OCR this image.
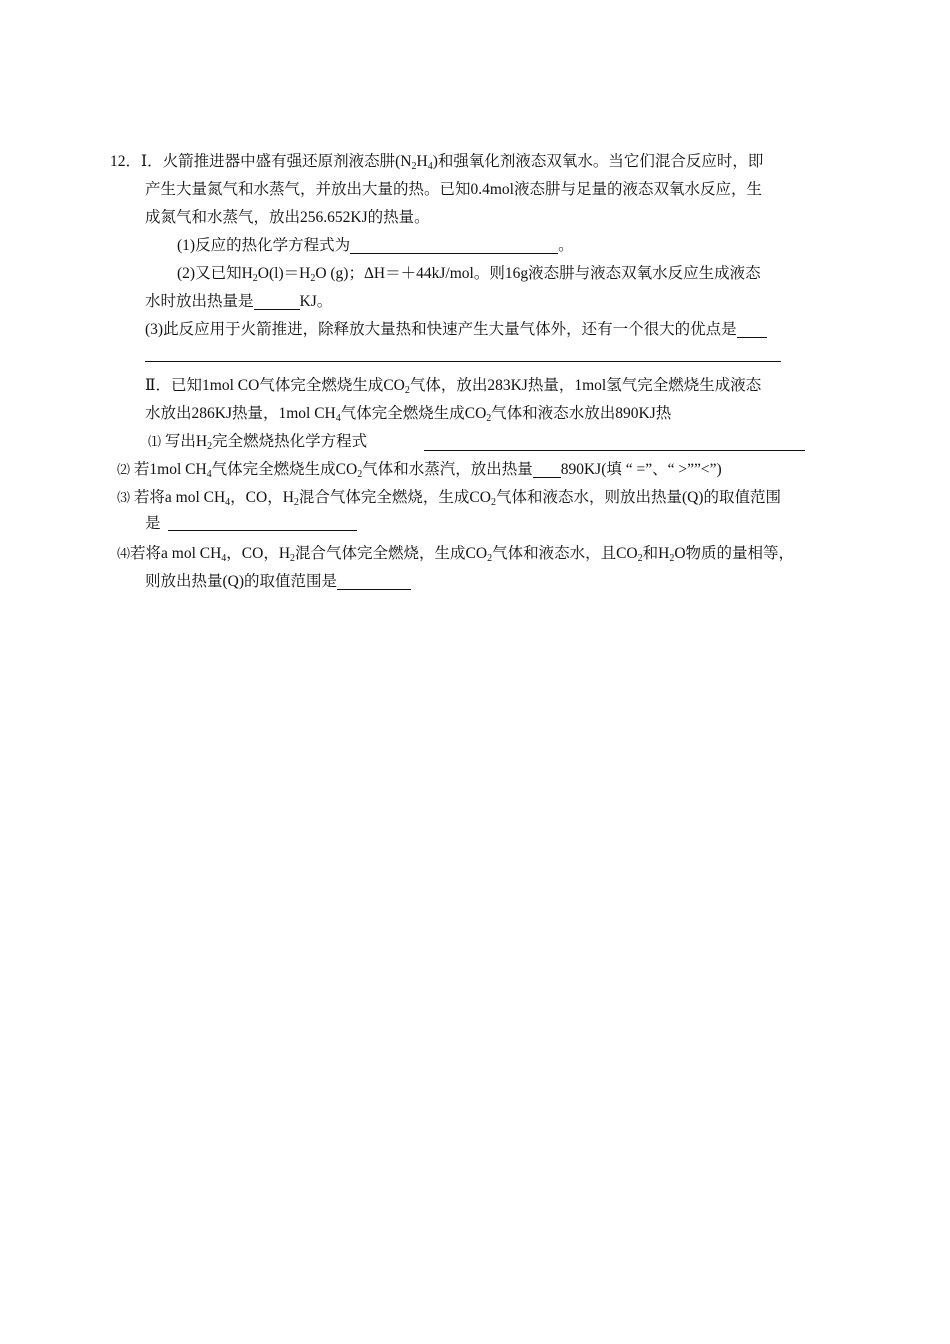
12．Ⅰ．火箭推进器中盛有强还原剂液态肼$(N_2H_4)$和强氧化剂液态双氧水。当它们混合反应时，即
产生大量氮气和水蒸气，并放出大量的热。已知0.4mol液态肼与足量的液态双氧水反应，生
成氮气和水蒸气，放出256.652KJ的热量。
(1)反应的热化学方程式为	。
(2)又已知$H_2O(l)=H_2O$ (g)；ΔH＝＋44kJ/mol。则16g液态肼与液态双氧水反应生成液态
水时放出热量是	KJ。
(3)此反应用于火箭推进，除释放大量热和快速产生大量气体外，还有一个很大的优点是
Ⅱ．已知1mol CO气体完全燃烧生成$CO_2$气体，放出283KJ热量，1mol氢气完全燃烧生成液态
水放出286KJ热量，1mol $CH_4$气体完全燃烧生成$CO_2$气体和液态水放出890KJ热
⑴ 写出$H_2$完全燃烧热化学方程式
⑵ 若1mol $CH_4$气体完全燃烧生成$CO_2$气体和水蒸汽，放出热量 890KJ(填 “ =”、“ >””<”)
⑶ 若将a mol $CH_4$，CO，$H_2$混合气体完全燃烧，生成$CO_2$气体和液态水，则放出热量(Q)的取值范围
是
⑷若将a mol $CH_4$，CO，$H_2$混合气体完全燃烧，生成$CO_2$气体和液态水，且$CO_2$和$H_2O$物质的量相等，
则放出热量(Q)的取值范围是
